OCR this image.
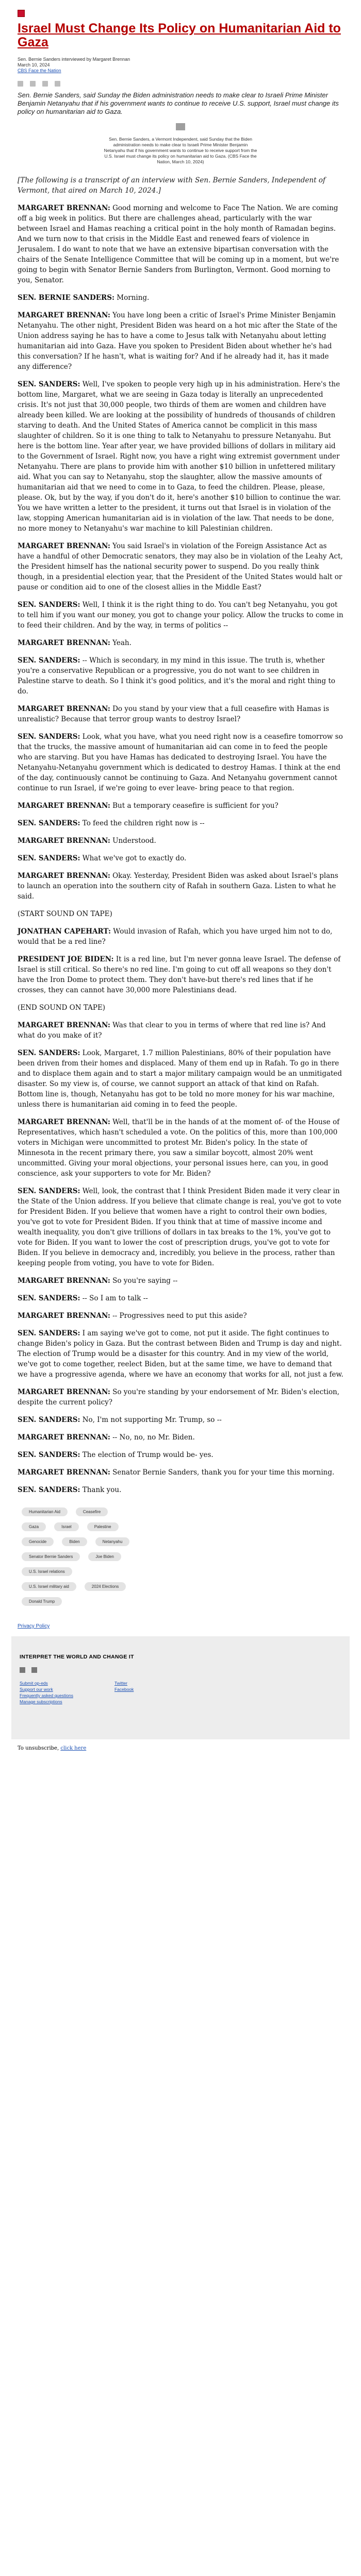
Israel Must Change Its Policy on Humanitarian Aid to Gaza
Sen. Bernie Sanders interviewed by Margaret Brennan
March 10, 2024
CBS Face the Nation

Sen. Bernie Sanders, said Sunday the Biden administration needs to make clear to Israeli Prime Minister Benjamin Netanyahu that if his government wants to continue to receive U.S. support, Israel must change its policy on humanitarian aid to Gaza.
Sen. Bernie Sanders, a Vermont Independent, said Sunday that the Biden administration needs to make clear to Israeli Prime Minister Benjamin Netanyahu that if his government wants to continue to receive support from the U.S. Israel must change its policy on humanitarian aid to Gaza. (CBS Face the Nation, March 10, 2024)
[The following is a transcript of an interview with Sen. Bernie Sanders, Independent of Vermont, that aired on March 10, 2024.]

MARGARET BRENNAN: Good morning and welcome to Face The Nation. We are coming off a big week in politics. But there are challenges ahead, particularly with the war between Israel and Hamas reaching a critical point in the holy month of Ramadan begins. And we turn now to that crisis in the Middle East and renewed fears of violence in Jerusalem. I do want to note that we have an extensive bipartisan conversation with the chairs of the Senate Intelligence Committee that will be coming up in a moment, but we're going to begin with Senator Bernie Sanders from Burlington, Vermont. Good morning to you, Senator.

SEN. BERNIE SANDERS: Morning.

MARGARET BRENNAN: You have long been a critic of Israel's Prime Minister Benjamin Netanyahu. The other night, President Biden was heard on a hot mic after the State of the Union address saying he has to have a come to Jesus talk with Netanyahu about letting humanitarian aid into Gaza. Have you spoken to President Biden about whether he's had this conversation? If he hasn't, what is waiting for? And if he already had it, has it made any difference?

SEN. SANDERS: Well, I've spoken to people very high up in his administration. Here's the bottom line, Margaret, what we are seeing in Gaza today is literally an unprecedented crisis. It's not just that 30,000 people, two thirds of them are women and children have already been killed. We are looking at the possibility of hundreds of thousands of children starving to death. And the United States of America cannot be complicit in this mass slaughter of children. So it is one thing to talk to Netanyahu to pressure Netanyahu. But here is the bottom line. Year after year, we have provided billions of dollars in military aid to the Government of Israel. Right now, you have a right wing extremist government under Netanyahu. There are plans to provide him with another $10 billion in unfettered military aid. What you can say to Netanyahu, stop the slaughter, allow the massive amounts of humanitarian aid that we need to come in to Gaza, to feed the children. Please, please, please. Ok, but by the way, if you don't do it, here's another $10 billion to continue the war. You we have written a letter to the president, it turns out that Israel is in violation of the law, stopping American humanitarian aid is in violation of the law. That needs to be done, no more money to Netanyahu's war machine to kill Palestinian children.

MARGARET BRENNAN: You said Israel's in violation of the Foreign Assistance Act as have a handful of other Democratic senators, they may also be in violation of the Leahy Act, the President himself has the national security power to suspend. Do you really think though, in a presidential election year, that the President of the United States would halt or pause or condition aid to one of the closest allies in the Middle East?

SEN. SANDERS: Well, I think it is the right thing to do. You can't beg Netanyahu, you got to tell him if you want our money, you got to change your policy. Allow the trucks to come in to feed their children. And by the way, in terms of politics --

MARGARET BRENNAN: Yeah.

SEN. SANDERS: -- Which is secondary, in my mind in this issue. The truth is, whether you're a conservative Republican or a progressive, you do not want to see children in Palestine starve to death. So I think it's good politics, and it's the moral and right thing to do.

MARGARET BRENNAN: Do you stand by your view that a full ceasefire with Hamas is unrealistic? Because that terror group wants to destroy Israel?

SEN. SANDERS: Look, what you have, what you need right now is a ceasefire tomorrow so that the trucks, the massive amount of humanitarian aid can come in to feed the people who are starving. But you have Hamas has dedicated to destroying Israel. You have the Netanyahu-Netanyahu government which is dedicated to destroy Hamas. I think at the end of the day, continuously cannot be continuing to Gaza. And Netanyahu government cannot continue to run Israel, if we're going to ever leave- bring peace to that region.

MARGARET BRENNAN: But a temporary ceasefire is sufficient for you?

SEN. SANDERS: To feed the children right now is --

MARGARET BRENNAN: Understood.

SEN. SANDERS: What we've got to exactly do.

MARGARET BRENNAN: Okay. Yesterday, President Biden was asked about Israel's plans to launch an operation into the southern city of Rafah in southern Gaza. Listen to what he said.

(START SOUND ON TAPE)

JONATHAN CAPEHART: Would invasion of Rafah, which you have urged him not to do, would that be a red line?

PRESIDENT JOE BIDEN: It is a red line, but I'm never gonna leave Israel. The defense of Israel is still critical. So there's no red line. I'm going to cut off all weapons so they don't have the Iron Dome to protect them. They don't have-but there's red lines that if he crosses, they can cannot have 30,000 more Palestinians dead.

(END SOUND ON TAPE)

MARGARET BRENNAN: Was that clear to you in terms of where that red line is? And what do you make of it?

SEN. SANDERS: Look, Margaret, 1.7 million Palestinians, 80% of their population have been driven from their homes and displaced. Many of them end up in Rafah. To go in there and to displace them again and to start a major military campaign would be an unmitigated disaster. So my view is, of course, we cannot support an attack of that kind on Rafah. Bottom line is, though, Netanyahu has got to be told no more money for his war machine, unless there is humanitarian aid coming in to feed the people.

MARGARET BRENNAN: Well, that'll be in the hands of at the moment of- of the House of Representatives, which hasn't scheduled a vote. On the politics of this, more than 100,000 voters in Michigan were uncommitted to protest Mr. Biden's policy. In the state of Minnesota in the recent primary there, you saw a similar boycott, almost 20% went uncommitted. Giving your moral objections, your personal issues here, can you, in good conscience, ask your supporters to vote for Mr. Biden?

SEN. SANDERS: Well, look, the contrast that I think President Biden made it very clear in the State of the Union address. If you believe that climate change is real, you've got to vote for President Biden. If you believe that women have a right to control their own bodies, you've got to vote for President Biden. If you think that at time of massive income and wealth inequality, you don't give trillions of dollars in tax breaks to the 1%, you've got to vote for Biden. If you want to lower the cost of prescription drugs, you've got to vote for Biden. If you believe in democracy and, incredibly, you believe in the process, rather than keeping people from voting, you have to vote for Biden.

MARGARET BRENNAN: So you're saying --

SEN. SANDERS: -- So I am to talk --

MARGARET BRENNAN: -- Progressives need to put this aside?

SEN. SANDERS: I am saying we've got to come, not put it aside. The fight continues to change Biden's policy in Gaza. But the contrast between Biden and Trump is day and night. The election of Trump would be a disaster for this country. And in my view of the world, we've got to come together, reelect Biden, but at the same time, we have to demand that we have a progressive agenda, where we have an economy that works for all, not just a few.

MARGARET BRENNAN: So you're standing by your endorsement of Mr. Biden's election, despite the current policy?

SEN. SANDERS: No, I'm not supporting Mr. Trump, so --

MARGARET BRENNAN: -- No, no, no Mr. Biden.

SEN. SANDERS: The election of Trump would be- yes.

MARGARET BRENNAN: Senator Bernie Sanders, thank you for your time this morning.

SEN. SANDERS: Thank you.

Humanitarian Aid	Ceasefire
Gaza	Israel	Palestine
Genocide	Biden	Netanyahu
Senator Bernie Sanders	Joe Biden
U.S. Israel relations
U.S. Israel military aid	2024 Elections
Donald Trump
Privacy Policy
INTERPRET THE WORLD AND CHANGE IT

Submit op-eds
Support our work
Frequently asked questions
Manage subscriptions
Twitter
Facebook
To unsubscribe, click here
